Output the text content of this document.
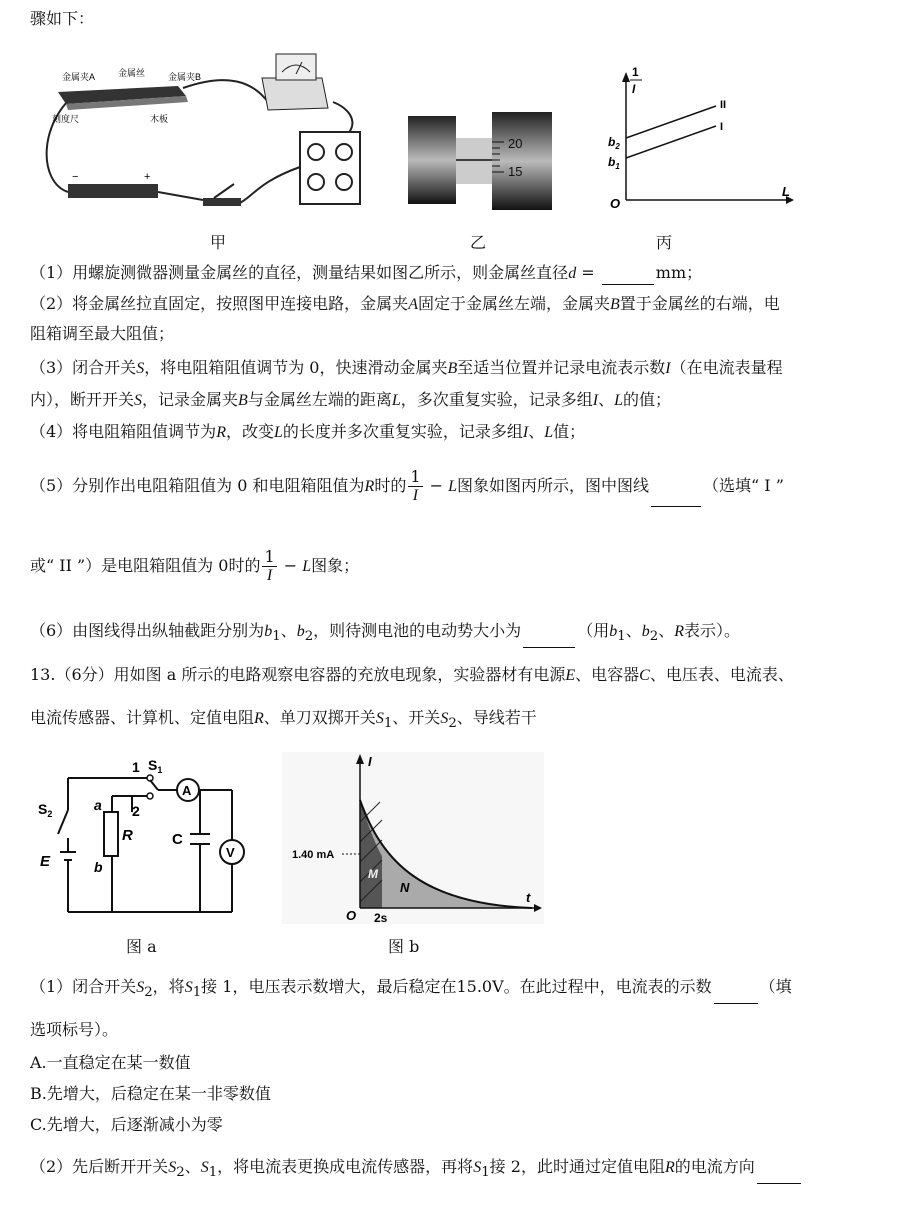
骤如下：
金属夹A	金属丝	金属夹B
刻度尺	木板
−	+
甲
20
15
乙
1
I
L
O
II
I
$b_2$
$b_1$
丙
（1）用螺旋测微器测量金属丝的直径，测量结果如图乙所示，则金属丝直径d =	mm；
（2）将金属丝拉直固定，按照图甲连接电路，金属夹A固定于金属丝左端，金属夹B置于金属丝的右端，电
阻箱调至最大阻值；
（3）闭合开关S，将电阻箱阻值调节为 0，快速滑动金属夹B至适当位置并记录电流表示数I（在电流表量程
内），断开开关S，记录金属夹B与金属丝左端的距离L，多次重复实验，记录多组I、L的值；
（4）将电阻箱阻值调节为R，改变L的长度并多次重复实验，记录多组I、L值；
（5）分别作出电阻箱阻值为 0 和电阻箱阻值为R时的 $\frac{1}{I} - L$图象如图丙所示，图中图线	（选填“ I ”
或“ II ”）是电阻箱阻值为 0时的 $\frac{1}{I} - L$图象；
（6）由图线得出纵轴截距分别为$b_1$、$b_2$，则待测电池的电动势大小为	（用$b_1$、$b_2$、R表示）。
13.（6分）用如图 a 所示的电路观察电容器的充放电现象，实验器材有电源E、电容器C、电压表、电流表、
电流传感器、计算机、定值电阻R、单刀双掷开关$S_1$、开关$S_2$、导线若干
A
V
1
2
$S_1$
$S_2$
a
b
R	C
E
图 a
I
t
O
1.40 mA
M
N
2s
图 b
（1）闭合开关$S_2$，将$S_1$接 1，电压表示数增大，最后稳定在15.0V。在此过程中，电流表的示数	（填
选项标号）。
A.一直稳定在某一数值
B.先增大，后稳定在某一非零数值
C.先增大，后逐渐减小为零
（2）先后断开开关$S_2$、$S_1$，将电流表更换成电流传感器，再将$S_1$接 2，此时通过定值电阻R的电流方向
